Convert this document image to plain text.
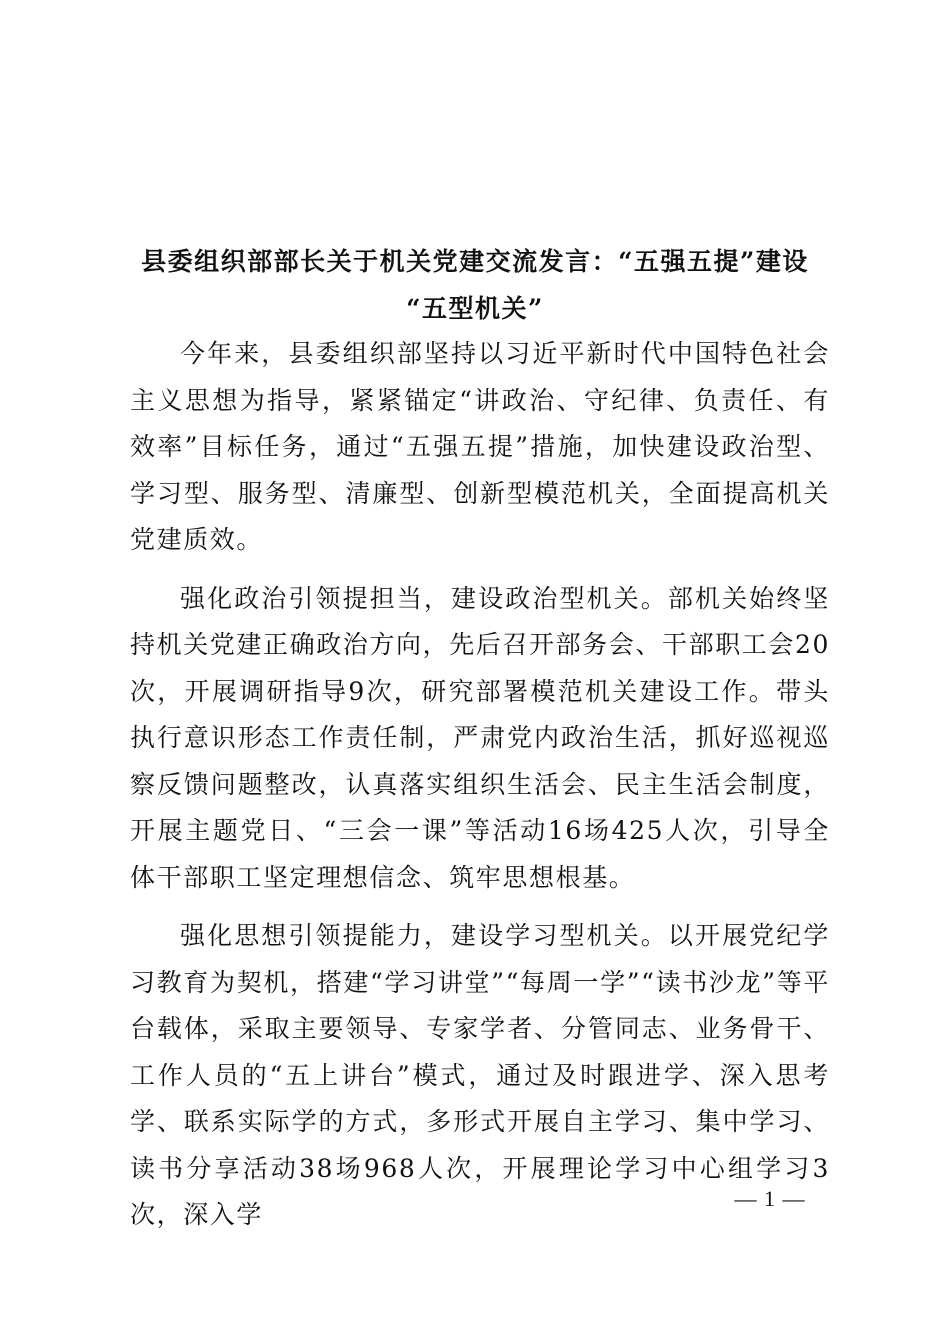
县委组织部部长关于机关党建交流发言：“五强五提”建设
“五型机关”

今年来，县委组织部坚持以习近平新时代中国特色社会主义思想为指导，紧紧锚定“讲政治、守纪律、负责任、有效率”目标任务，通过“五强五提”措施，加快建设政治型、学习型、服务型、清廉型、创新型模范机关，全面提高机关党建质效。

强化政治引领提担当，建设政治型机关。部机关始终坚持机关党建正确政治方向，先后召开部务会、干部职工会20次，开展调研指导9次，研究部署模范机关建设工作。带头执行意识形态工作责任制，严肃党内政治生活，抓好巡视巡察反馈问题整改，认真落实组织生活会、民主生活会制度，开展主题党日、“三会一课”等活动16场425人次，引导全体干部职工坚定理想信念、筑牢思想根基。

强化思想引领提能力，建设学习型机关。以开展党纪学习教育为契机，搭建“学习讲堂”“每周一学”“读书沙龙”等平台载体，采取主要领导、专家学者、分管同志、业务骨干、工作人员的“五上讲台”模式，通过及时跟进学、深入思考学、联系实际学的方式，多形式开展自主学习、集中学习、读书分享活动38场968人次，开展理论学习中心组学习3次，深入学

— 1 —
